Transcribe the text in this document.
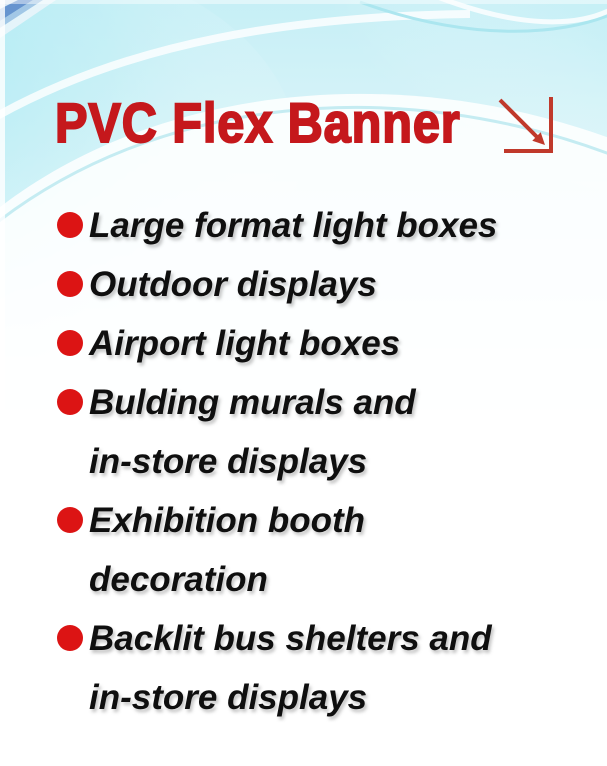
PVC Flex Banner
Large format light boxes
Outdoor displays
Airport light boxes
Bulding murals and
in-store displays
Exhibition booth
decoration
Backlit bus shelters and
in-store displays
